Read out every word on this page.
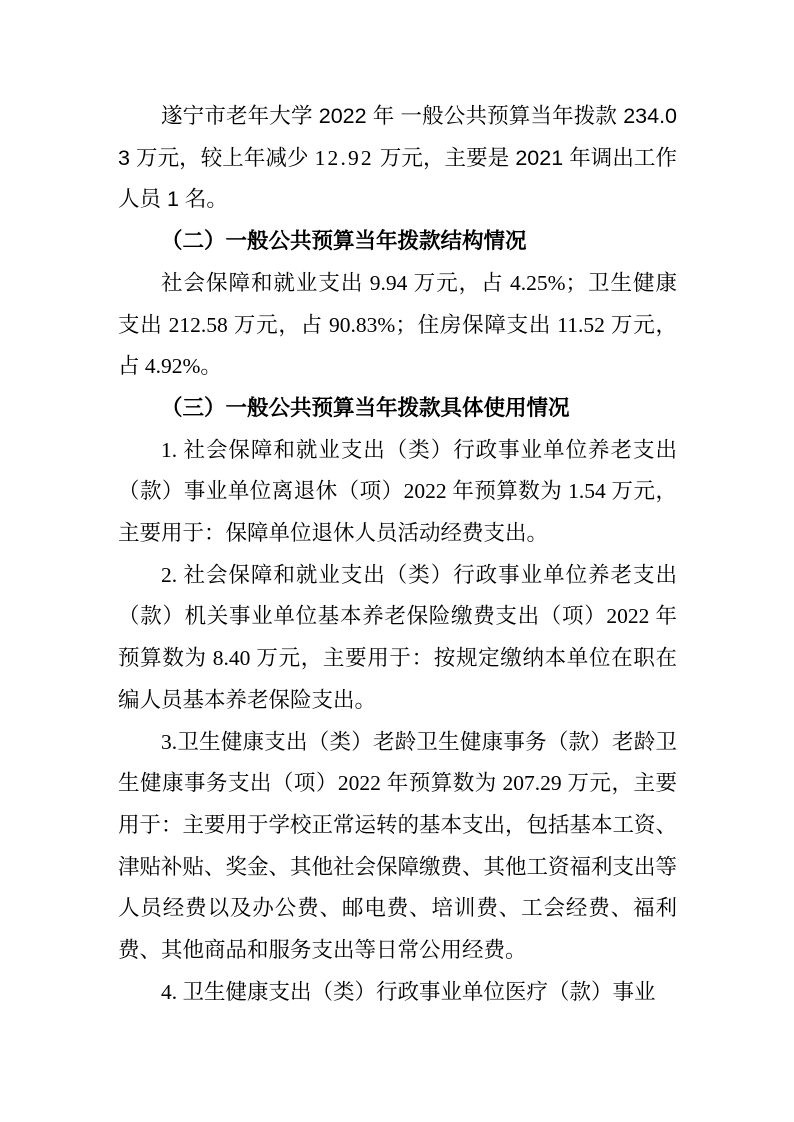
遂宁市老年大学 2022 年 一般公共预算当年拨款 234.03 万元，较上年减少 12.92 万元，主要是 2021 年调出工作人员 1 名。

（二）一般公共预算当年拨款结构情况

社会保障和就业支出 9.94 万元，占 4.25%；卫生健康支出 212.58 万元，占 90.83%；住房保障支出 11.52 万元，占 4.92%。

（三）一般公共预算当年拨款具体使用情况

1. 社会保障和就业支出（类）行政事业单位养老支出（款）事业单位离退休（项）2022 年预算数为 1.54 万元，主要用于：保障单位退休人员活动经费支出。

2. 社会保障和就业支出（类）行政事业单位养老支出（款）机关事业单位基本养老保险缴费支出（项）2022 年预算数为 8.40 万元，主要用于：按规定缴纳本单位在职在编人员基本养老保险支出。

3.卫生健康支出（类）老龄卫生健康事务（款）老龄卫生健康事务支出（项）2022 年预算数为 207.29 万元，主要用于：主要用于学校正常运转的基本支出，包括基本工资、津贴补贴、奖金、其他社会保障缴费、其他工资福利支出等人员经费以及办公费、邮电费、培训费、工会经费、福利费、其他商品和服务支出等日常公用经费。

4. 卫生健康支出（类）行政事业单位医疗（款）事业
